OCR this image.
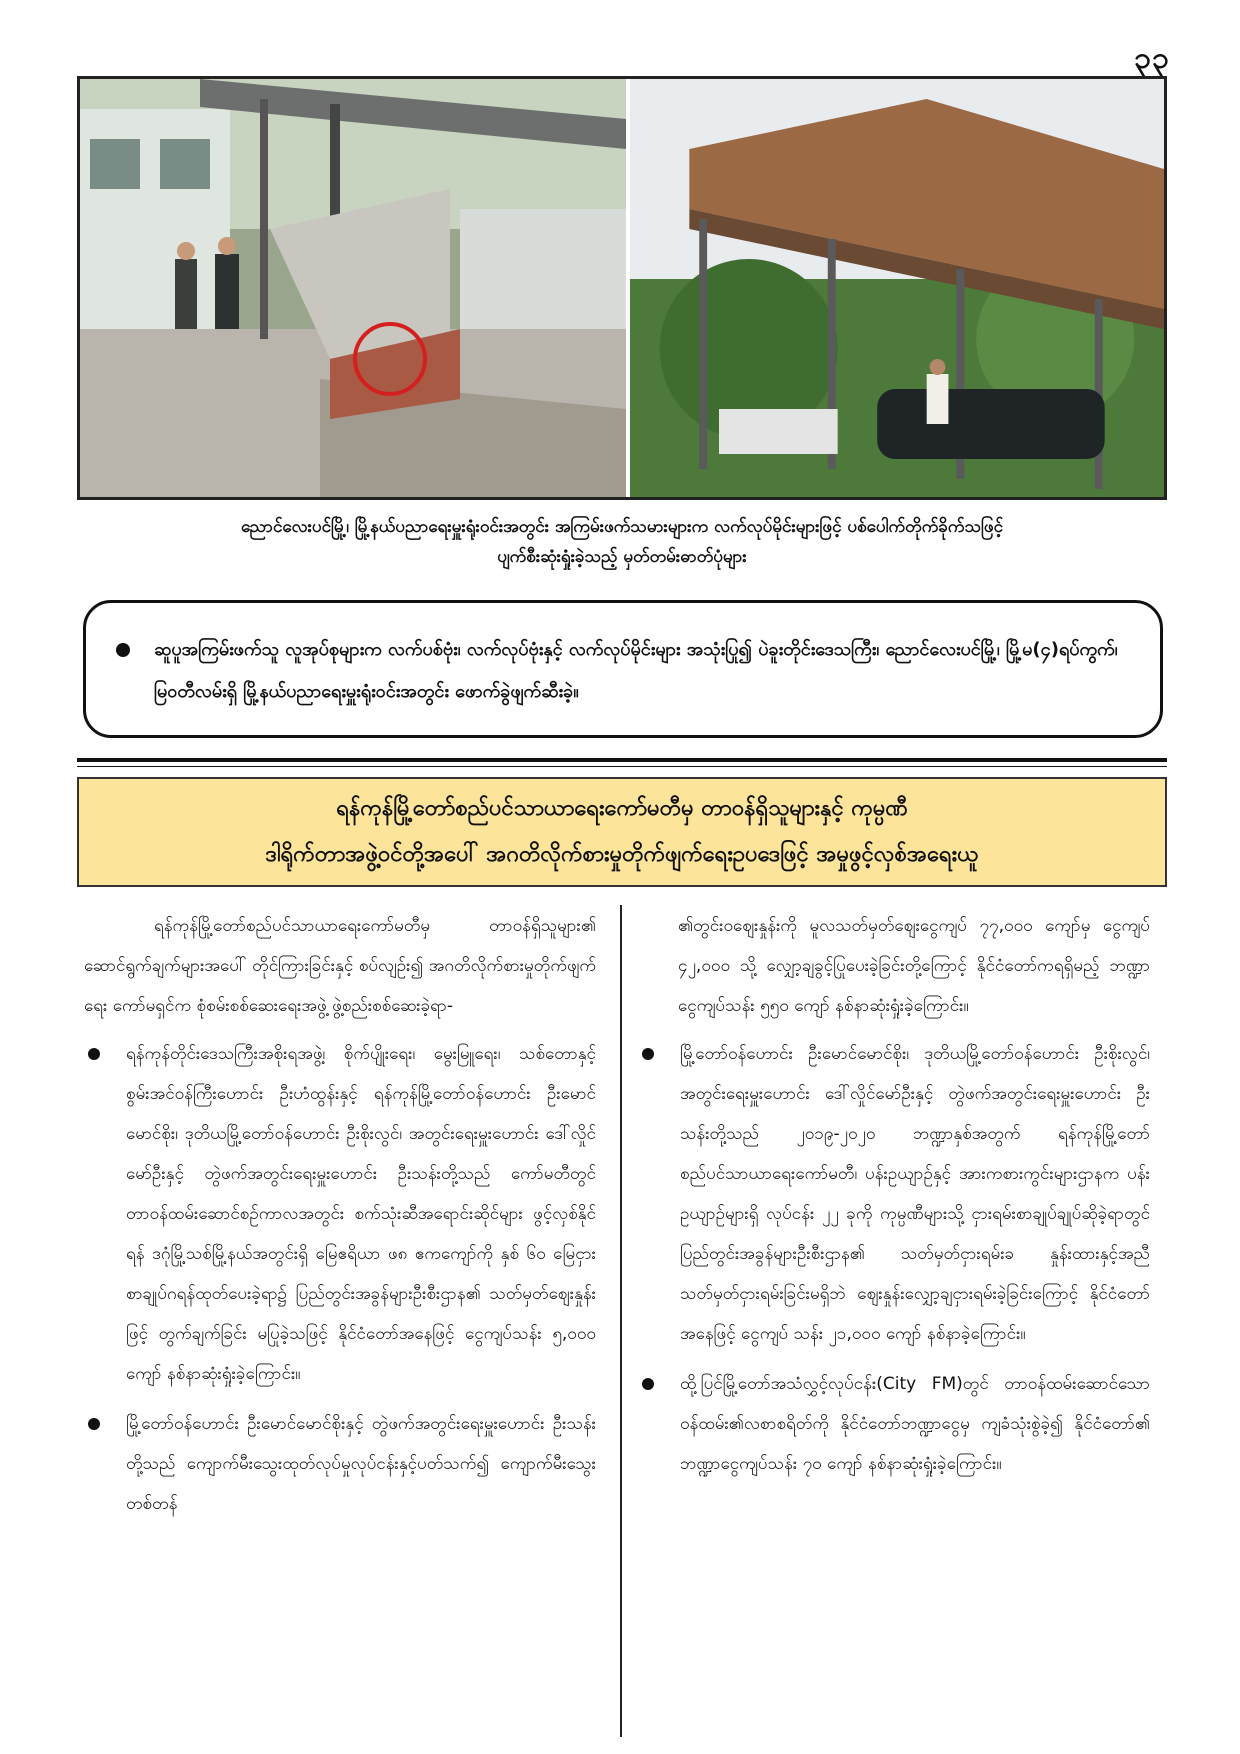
၃၃
ညောင်လေးပင်မြို့၊ မြို့နယ်ပညာရေးမှူးရုံးဝင်းအတွင်း အကြမ်းဖက်သမားများက လက်လုပ်မိုင်းများဖြင့် ပစ်ပေါက်တိုက်ခိုက်သဖြင့်
ပျက်စီးဆုံးရှုံးခဲ့သည့် မှတ်တမ်းဓာတ်ပုံများ
ဆူပူအကြမ်းဖက်သူ လူအုပ်စုများက လက်ပစ်ဗုံး၊ လက်လုပ်ဗုံးနှင့် လက်လုပ်မိုင်းများ အသုံးပြု၍ ပဲခူးတိုင်းဒေသကြီး၊ ညောင်လေးပင်မြို့၊ မြို့မ(၄)ရပ်ကွက်၊ မြဝတီလမ်းရှိ မြို့နယ်ပညာရေးမှူးရုံးဝင်းအတွင်း ဖောက်ခွဲဖျက်ဆီးခဲ့။
ရန်ကုန်မြို့တော်စည်ပင်သာယာရေးကော်မတီမှ တာဝန်ရှိသူများနှင့် ကုမ္ပဏီ
ဒါရိုက်တာအဖွဲ့ဝင်တို့အပေါ် အဂတိလိုက်စားမှုတိုက်ဖျက်ရေးဥပဒေဖြင့် အမှုဖွင့်လှစ်အရေးယူ

ရန်ကုန်မြို့တော်စည်ပင်သာယာရေးကော်မတီမှ တာဝန်ရှိသူများ၏ ဆောင်ရွက်ချက်များအပေါ် တိုင်ကြားခြင်းနှင့် စပ်လျဉ်း၍ အဂတိလိုက်စားမှုတိုက်ဖျက်ရေး ကော်မရှင်က စုံစမ်းစစ်ဆေးရေးအဖွဲ့ ဖွဲ့စည်းစစ်ဆေးခဲ့ရာ-

ရန်ကုန်တိုင်းဒေသကြီးအစိုးရအဖွဲ့၊ စိုက်ပျိုးရေး၊ မွေးမြူရေး၊ သစ်တောနှင့် စွမ်းအင်ဝန်ကြီးဟောင်း ဦးဟံထွန်းနှင့် ရန်ကုန်မြို့တော်ဝန်ဟောင်း ဦးမောင်မောင်စိုး၊ ဒုတိယမြို့တော်ဝန်ဟောင်း ဦးစိုးလွင်၊ အတွင်းရေးမှူးဟောင်း ဒေါ်လှိုင်မော်ဦးနှင့် တွဲဖက်အတွင်းရေးမှူးဟောင်း ဦးသန်းတို့သည် ကော်မတီတွင် တာဝန်ထမ်းဆောင်စဉ်ကာလအတွင်း စက်သုံးဆီအရောင်းဆိုင်များ ဖွင့်လှစ်နိုင်ရန် ဒဂုံမြို့သစ်မြို့နယ်အတွင်းရှိ မြေဧရိယာ ဖ၈ ဧကကျော်ကို နှစ် ၆၀ မြေငှားစာချုပ်ဂရန်ထုတ်ပေးခဲ့ရာ၌ ပြည်တွင်းအခွန်များဦးစီးဌာန၏ သတ်မှတ်ဈေးနှုန်းဖြင့် တွက်ချက်ခြင်း မပြုခဲ့သဖြင့် နိုင်ငံတော်အနေဖြင့် ငွေကျပ်သန်း ၅,၀၀၀ ကျော် နစ်နာဆုံးရှုံးခဲ့ကြောင်း။

မြို့တော်ဝန်ဟောင်း ဦးမောင်မောင်စိုးနှင့် တွဲဖက်အတွင်းရေးမှူးဟောင်း ဦးသန်းတို့သည် ကျောက်မီးသွေးထုတ်လုပ်မှုလုပ်ငန်းနှင့်ပတ်သက်၍ ကျောက်မီးသွေး တစ်တန်

၏တွင်းဝဈေးနှုန်းကို မူလသတ်မှတ်ဈေးငွေကျပ် ၇၇,၀၀၀ ကျော်မှ ငွေကျပ် ၄၂,၀၀၀ သို့ လျှော့ချခွင့်ပြုပေးခဲ့ခြင်းတို့ကြောင့် နိုင်ငံတော်ကရရှိမည့် ဘဏ္ဍာငွေကျပ်သန်း ၅၅၀ ကျော် နစ်နာဆုံးရှုံးခဲ့ကြောင်း။

မြို့တော်ဝန်ဟောင်း ဦးမောင်မောင်စိုး၊ ဒုတိယမြို့တော်ဝန်ဟောင်း ဦးစိုးလွင်၊ အတွင်းရေးမှူးဟောင်း ဒေါ်လှိုင်မော်ဦးနှင့် တွဲဖက်အတွင်းရေးမှူးဟောင်း ဦးသန်းတို့သည် ၂၀၁၉-၂၀၂၀ ဘဏ္ဍာနှစ်အတွက် ရန်ကုန်မြို့တော်စည်ပင်သာယာရေးကော်မတီ၊ ပန်းဥယျာဉ်နှင့် အားကစားကွင်းများဌာနက ပန်းဥယျာဉ်များရှိ လုပ်ငန်း ၂၂ ခုကို ကုမ္ပဏီများသို့ ငှားရမ်းစာချုပ်ချုပ်ဆိုခဲ့ရာတွင် ပြည်တွင်းအခွန်များဦးစီးဌာန၏ သတ်မှတ်ငှားရမ်းခ နှုန်းထားနှင့်အညီ သတ်မှတ်ငှားရမ်းခြင်းမရှိဘဲ ဈေးနှုန်းလျှော့ချငှားရမ်းခဲ့ခြင်းကြောင့် နိုင်ငံတော်အနေဖြင့် ငွေကျပ် သန်း ၂၁,၀၀၀ ကျော် နစ်နာခဲ့ကြောင်း။

ထို့ပြင်မြို့တော်အသံလွှင့်လုပ်ငန်း(City FM)တွင် တာဝန်ထမ်းဆောင်သော ဝန်ထမ်း၏လစာစရိတ်ကို နိုင်ငံတော်ဘဏ္ဍာငွေမှ ကျခံသုံးစွဲခဲ့၍ နိုင်ငံတော်၏ ဘဏ္ဍာငွေကျပ်သန်း ၇၀ ကျော် နစ်နာဆုံးရှုံးခဲ့ကြောင်း။
